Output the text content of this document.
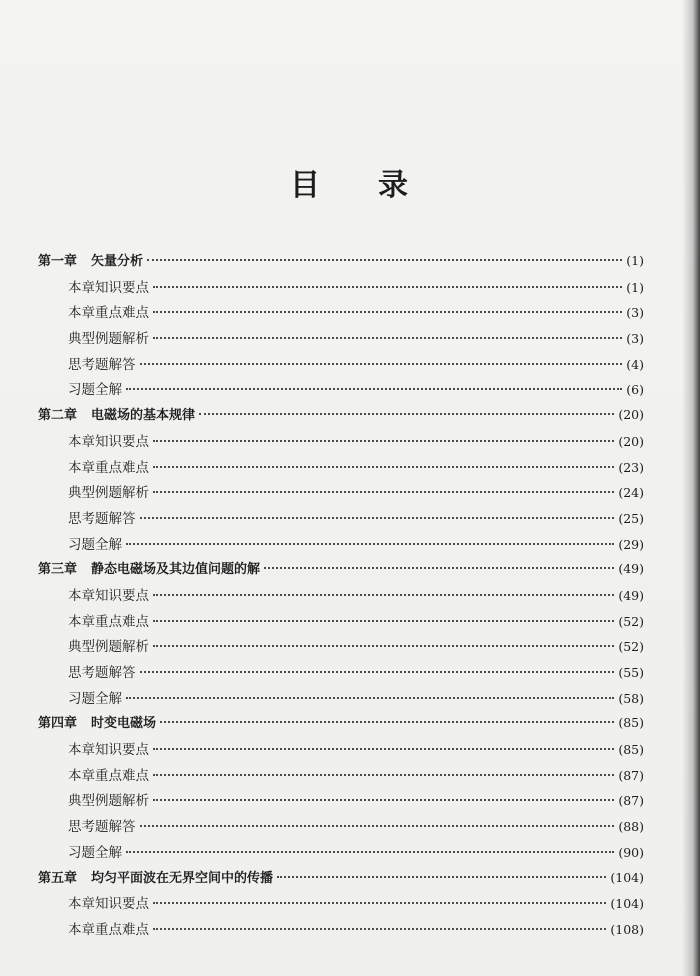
目 录
第一章 矢量分析	(1)
本章知识要点	(1)
本章重点难点	(3)
典型例题解析	(3)
思考题解答	(4)
习题全解	(6)
第二章 电磁场的基本规律	(20)
本章知识要点	(20)
本章重点难点	(23)
典型例题解析	(24)
思考题解答	(25)
习题全解	(29)
第三章 静态电磁场及其边值问题的解	(49)
本章知识要点	(49)
本章重点难点	(52)
典型例题解析	(52)
思考题解答	(55)
习题全解	(58)
第四章 时变电磁场	(85)
本章知识要点	(85)
本章重点难点	(87)
典型例题解析	(87)
思考题解答	(88)
习题全解	(90)
第五章 均匀平面波在无界空间中的传播	(104)
本章知识要点	(104)
本章重点难点	(108)
